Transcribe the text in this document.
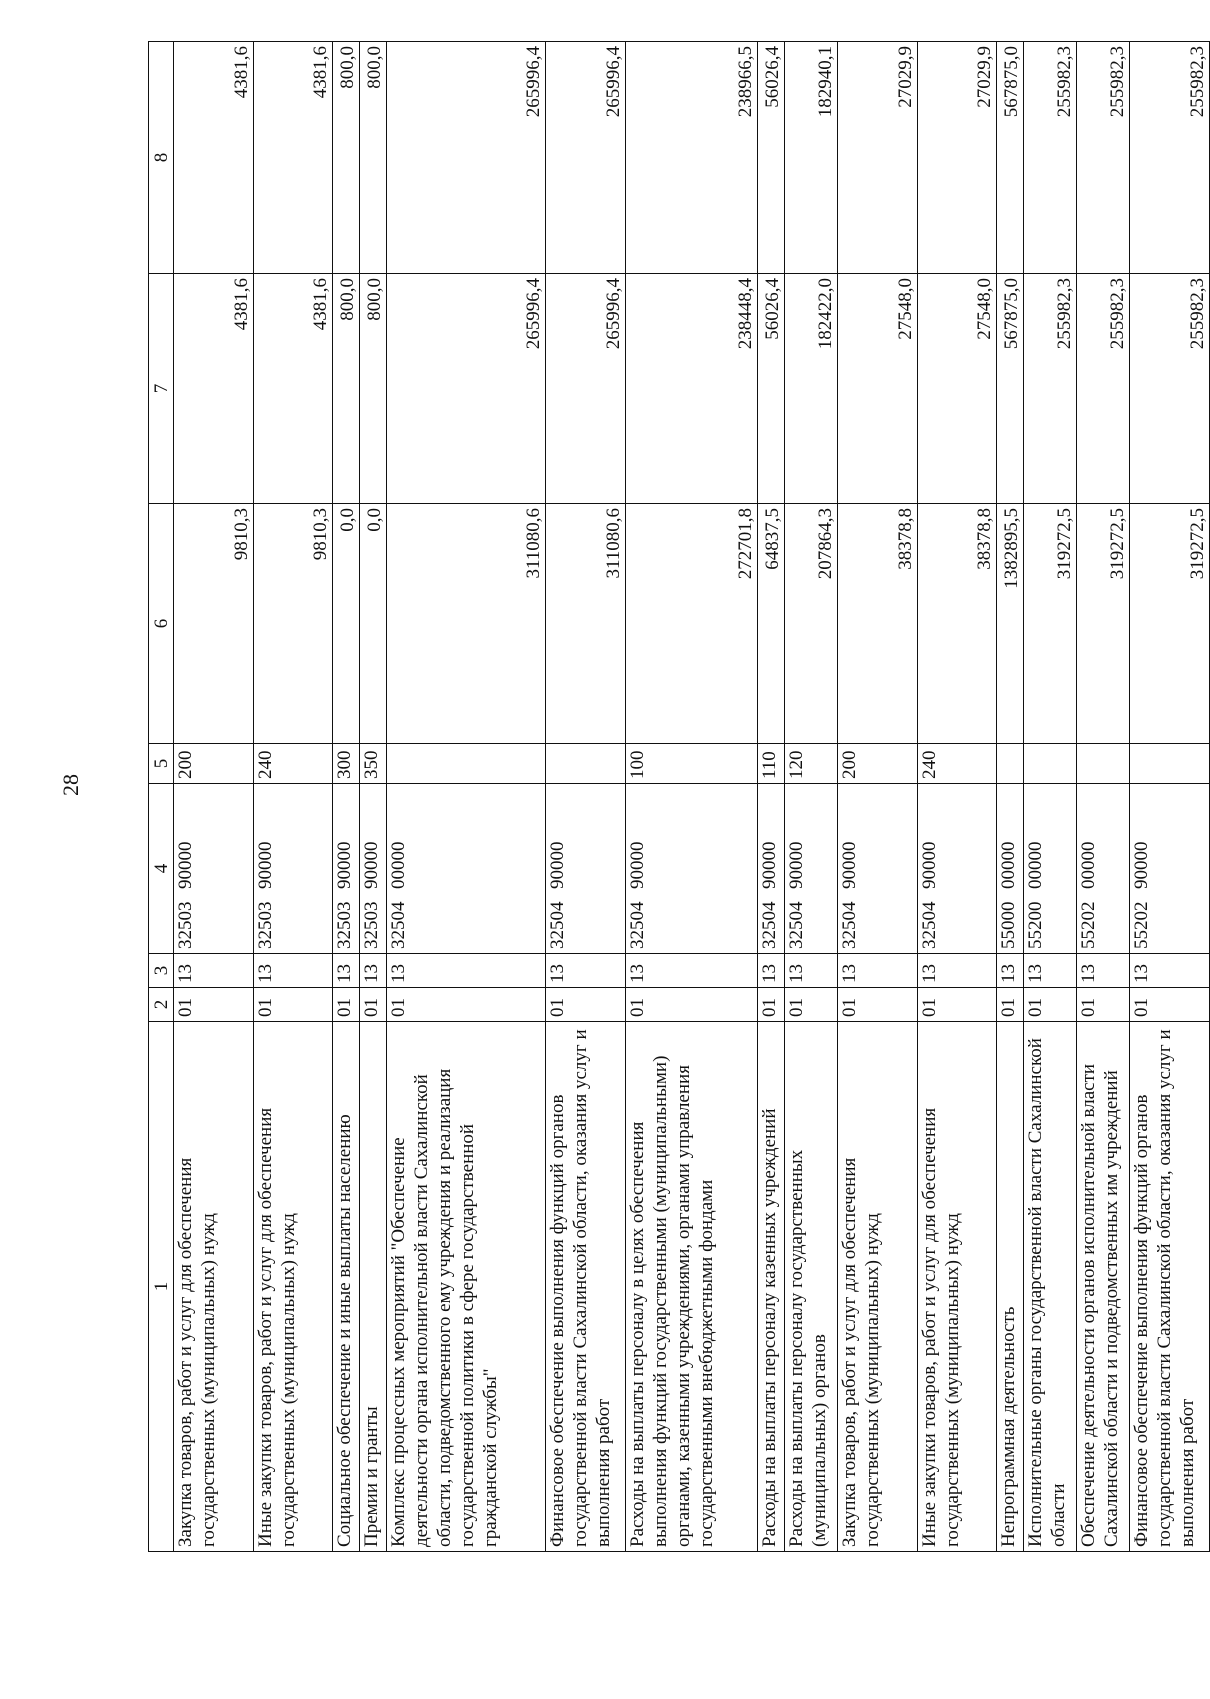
28
1	2	3	4	5	6	7	8
Закупка товаров, работ и услуг для обеспечения государственных (муниципальных) нужд	01	13	3250390000	200	9810,3	4381,6	4381,6
Иные закупки товаров, работ и услуг для обеспечения государственных (муниципальных) нужд	01	13	3250390000	240	9810,3	4381,6	4381,6
Социальное обеспечение и иные выплаты населению	01	13	3250390000	300	0,0	800,0	800,0
Премии и гранты	01	13	3250390000	350	0,0	800,0	800,0
Комплекс процессных мероприятий "Обеспечение деятельности органа исполнительной власти Сахалинской области, подведомственного ему учреждения и реализация государственной политики в сфере государственной гражданской службы"	01	13	3250400000		311080,6	265996,4	265996,4
Финансовое обеспечение выполнения функций органов государственной власти Сахалинской области, оказания услуг и выполнения работ	01	13	3250490000		311080,6	265996,4	265996,4
Расходы на выплаты персоналу в целях обеспечения выполнения функций государственными (муниципальными) органами, казенными учреждениями, органами управления государственными внебюджетными фондами	01	13	3250490000	100	272701,8	238448,4	238966,5
Расходы на выплаты персоналу казенных учреждений	01	13	3250490000	110	64837,5	56026,4	56026,4
Расходы на выплаты персоналу государственных (муниципальных) органов	01	13	3250490000	120	207864,3	182422,0	182940,1
Закупка товаров, работ и услуг для обеспечения государственных (муниципальных) нужд	01	13	3250490000	200	38378,8	27548,0	27029,9
Иные закупки товаров, работ и услуг для обеспечения государственных (муниципальных) нужд	01	13	3250490000	240	38378,8	27548,0	27029,9
Непрограммная деятельность	01	13	5500000000		1382895,5	567875,0	567875,0
Исполнительные органы государственной власти Сахалинской области	01	13	5520000000		319272,5	255982,3	255982,3
Обеспечение деятельности органов исполнительной власти Сахалинской области и подведомственных им учреждений	01	13	5520200000		319272,5	255982,3	255982,3
Финансовое обеспечение выполнения функций органов государственной власти Сахалинской области, оказания услуг и выполнения работ	01	13	5520290000		319272,5	255982,3	255982,3
